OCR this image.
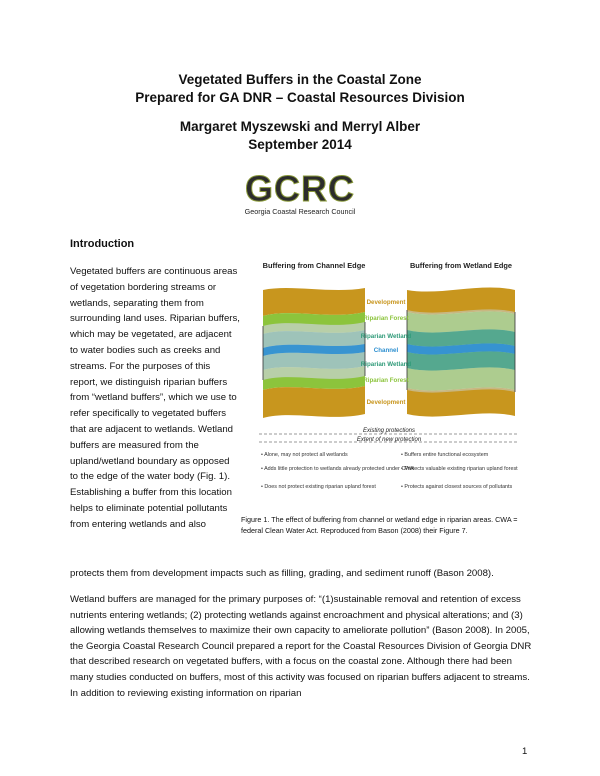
Vegetated Buffers in the Coastal Zone
Prepared for GA DNR – Coastal Resources Division
Margaret Myszewski and Merryl Alber
September 2014
GCRC
Georgia Coastal Research Council
Introduction
Vegetated buffers are continuous areas of vegetation bordering streams or wetlands, separating them from surrounding land uses. Riparian buffers, which may be vegetated, are adjacent to water bodies such as creeks and streams. For the purposes of this report, we distinguish riparian buffers from “wetland buffers”, which we use to refer specifically to vegetated buffers that are adjacent to wetlands. Wetland buffers are measured from the upland/wetland boundary as opposed to the edge of the water body (Fig. 1). Establishing a buffer from this location helps to eliminate potential pollutants from entering wetlands and also
Buffering from Channel Edge	Buffering from Wetland Edge
Development
Riparian Forest
Riparian Wetland
Channel
Riparian Wetland
Riparian Forest
Development
Existing protections
Extent of new protection
• Alone, may not protect all wetlands
• Adds little protection to wetlands already protected under CWA
• Does not protect existing riparian upland forest
• Buffers entire functional ecosystem
• Protects valuable existing riparian upland forest
• Protects against closest sources of pollutants
Figure 1. The effect of buffering from channel or wetland edge in riparian areas. CWA = federal Clean Water Act. Reproduced from Bason (2008) their Figure 7.
protects them from development impacts such as filling, grading, and sediment runoff (Bason 2008).
Wetland buffers are managed for the primary purposes of: “(1)sustainable removal and retention of excess nutrients entering wetlands; (2) protecting wetlands against encroachment and physical alterations; and (3) allowing wetlands themselves to maximize their own capacity to ameliorate pollution” (Bason 2008). In 2005, the Georgia Coastal Research Council prepared a report for the Coastal Resources Division of Georgia DNR that described research on vegetated buffers, with a focus on the coastal zone. Although there had been many studies conducted on buffers, most of this activity was focused on riparian buffers adjacent to streams. In addition to reviewing existing information on riparian
1
